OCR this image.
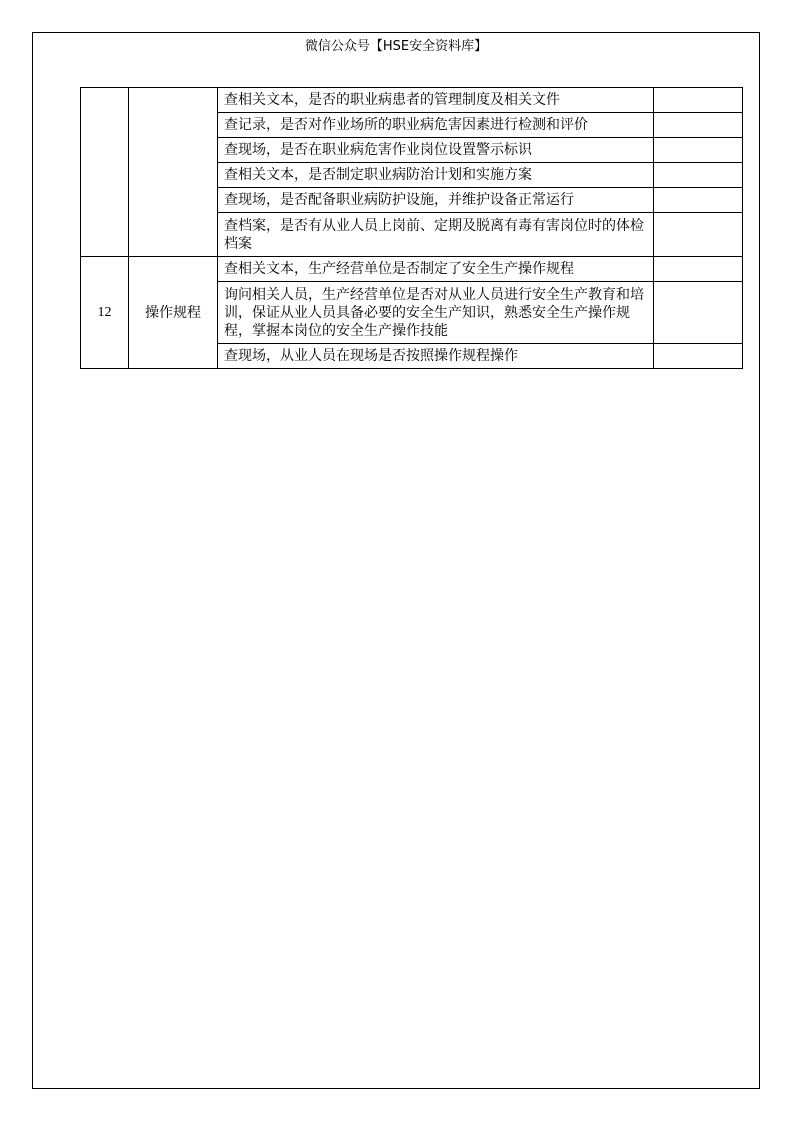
微信公众号【HSE安全资料库】
		查相关文本，是否的职业病患者的管理制度及相关文件	
		查记录，是否对作业场所的职业病危害因素进行检测和评价	
		查现场，是否在职业病危害作业岗位设置警示标识	
		查相关文本，是否制定职业病防治计划和实施方案	
		查现场，是否配备职业病防护设施，并维护设备正常运行	
		查档案，是否有从业人员上岗前、定期及脱离有毒有害岗位时的体检档案	
12	操作规程	查相关文本，生产经营单位是否制定了安全生产操作规程	
		询问相关人员，生产经营单位是否对从业人员进行安全生产教育和培训，保证从业人员具备必要的安全生产知识，熟悉安全生产操作规程，掌握本岗位的安全生产操作技能	
		查现场，从业人员在现场是否按照操作规程操作	
